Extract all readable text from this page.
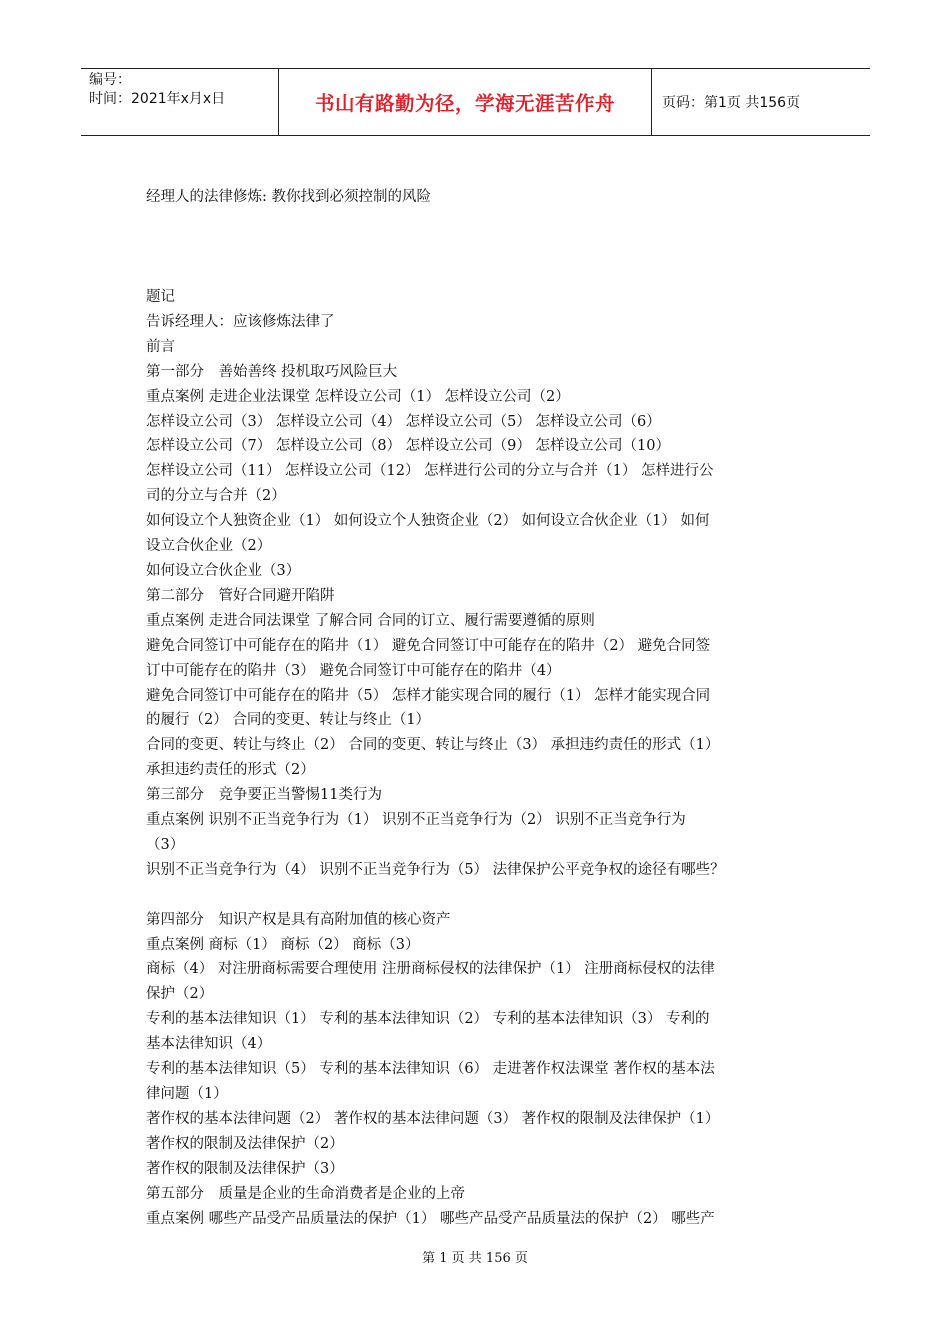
编号：
时间：2021年x月x日	书山有路勤为径，学海无涯苦作舟	页码：第1页 共156页
经理人的法律修炼: 教你找到必须控制的风险
题记
告诉经理人：应该修炼法律了
前言
第一部分　善始善终 投机取巧风险巨大
重点案例 走进企业法课堂 怎样设立公司（1） 怎样设立公司（2）
怎样设立公司（3） 怎样设立公司（4） 怎样设立公司（5） 怎样设立公司（6）
怎样设立公司（7） 怎样设立公司（8） 怎样设立公司（9） 怎样设立公司（10）
怎样设立公司（11） 怎样设立公司（12） 怎样进行公司的分立与合并（1） 怎样进行公
司的分立与合并（2）
如何设立个人独资企业（1） 如何设立个人独资企业（2） 如何设立合伙企业（1） 如何
设立合伙企业（2）
如何设立合伙企业（3）
第二部分　管好合同避开陷阱
重点案例 走进合同法课堂 了解合同 合同的订立、履行需要遵循的原则
避免合同签订中可能存在的陷井（1） 避免合同签订中可能存在的陷井（2） 避免合同签
订中可能存在的陷井（3） 避免合同签订中可能存在的陷井（4）
避免合同签订中可能存在的陷井（5） 怎样才能实现合同的履行（1） 怎样才能实现合同
的履行（2） 合同的变更、转让与终止（1）
合同的变更、转让与终止（2） 合同的变更、转让与终止（3） 承担违约责任的形式（1）
承担违约责任的形式（2）
第三部分　竞争要正当警惕11类行为
重点案例 识别不正当竞争行为（1） 识别不正当竞争行为（2） 识别不正当竞争行为
（3）
识别不正当竞争行为（4） 识别不正当竞争行为（5） 法律保护公平竞争权的途径有哪些？
第四部分　知识产权是具有高附加值的核心资产
重点案例 商标（1） 商标（2） 商标（3）
商标（4） 对注册商标需要合理使用 注册商标侵权的法律保护（1） 注册商标侵权的法律
保护（2）
专利的基本法律知识（1） 专利的基本法律知识（2） 专利的基本法律知识（3） 专利的
基本法律知识（4）
专利的基本法律知识（5） 专利的基本法律知识（6） 走进著作权法课堂 著作权的基本法
律问题（1）
著作权的基本法律问题（2） 著作权的基本法律问题（3） 著作权的限制及法律保护（1）
著作权的限制及法律保护（2）
著作权的限制及法律保护（3）
第五部分　质量是企业的生命消费者是企业的上帝
重点案例 哪些产品受产品质量法的保护（1） 哪些产品受产品质量法的保护（2） 哪些产
第 1 页 共 156 页
